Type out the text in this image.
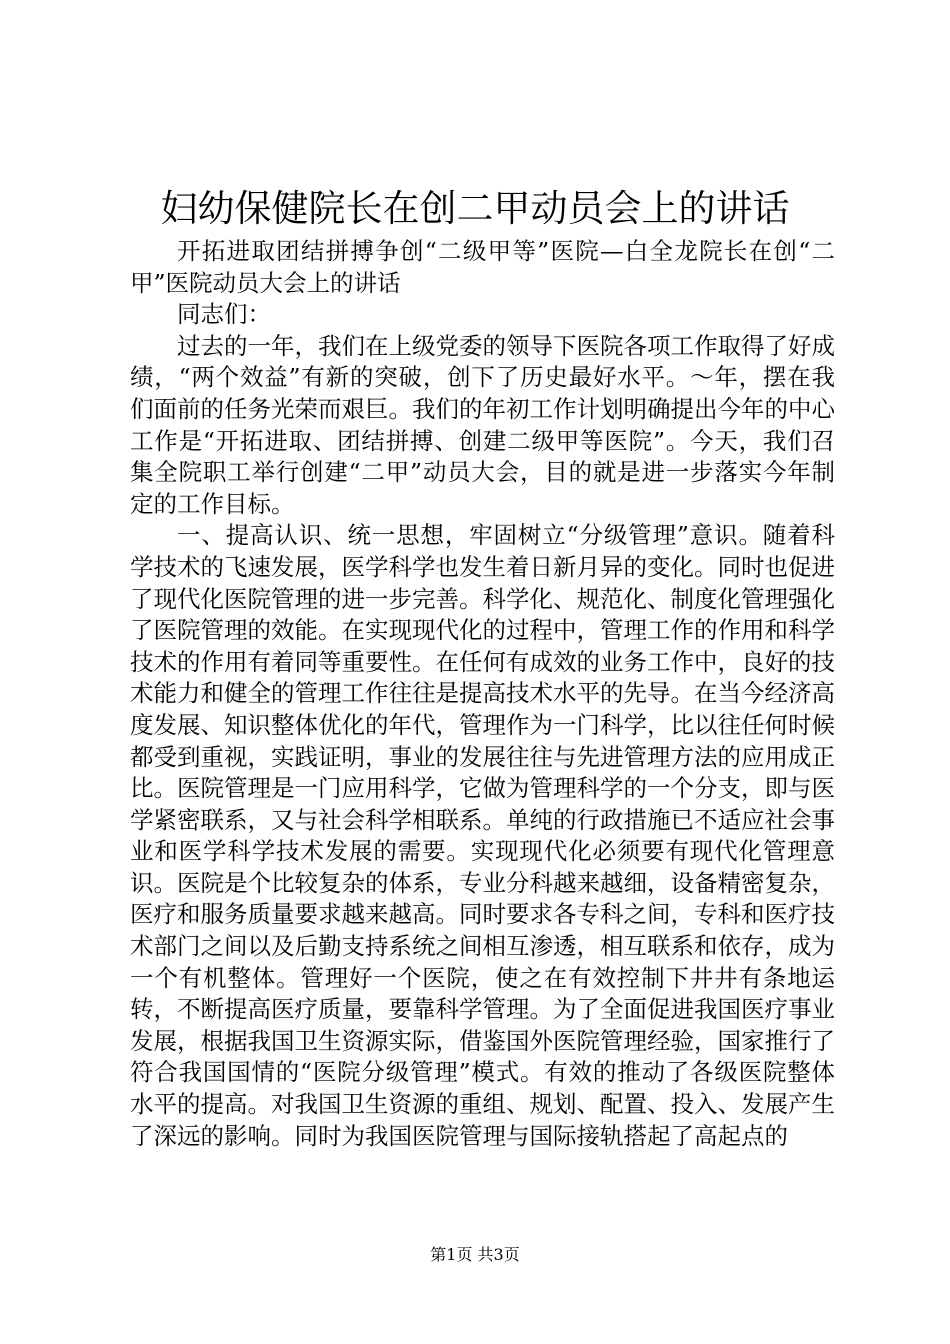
妇幼保健院长在创二甲动员会上的讲话

开拓进取团结拼搏争创“二级甲等”医院—白全龙院长在创“二甲”医院动员大会上的讲话

同志们：

过去的一年，我们在上级党委的领导下医院各项工作取得了好成绩，“两个效益”有新的突破，创下了历史最好水平。～年，摆在我们面前的任务光荣而艰巨。我们的年初工作计划明确提出今年的中心工作是“开拓进取、团结拼搏、创建二级甲等医院”。今天，我们召集全院职工举行创建“二甲”动员大会，目的就是进一步落实今年制定的工作目标。

一、提高认识、统一思想，牢固树立“分级管理”意识。随着科学技术的飞速发展，医学科学也发生着日新月异的变化。同时也促进了现代化医院管理的进一步完善。科学化、规范化、制度化管理强化了医院管理的效能。在实现现代化的过程中，管理工作的作用和科学技术的作用有着同等重要性。在任何有成效的业务工作中，良好的技术能力和健全的管理工作往往是提高技术水平的先导。在当今经济高度发展、知识整体优化的年代，管理作为一门科学，比以往任何时候都受到重视，实践证明，事业的发展往往与先进管理方法的应用成正比。医院管理是一门应用科学，它做为管理科学的一个分支，即与医学紧密联系，又与社会科学相联系。单纯的行政措施已不适应社会事业和医学科学技术发展的需要。实现现代化必须要有现代化管理意识。医院是个比较复杂的体系，专业分科越来越细，设备精密复杂，医疗和服务质量要求越来越高。同时要求各专科之间，专科和医疗技术部门之间以及后勤支持系统之间相互渗透，相互联系和依存，成为一个有机整体。管理好一个医院，使之在有效控制下井井有条地运转，不断提高医疗质量，要靠科学管理。为了全面促进我国医疗事业发展，根据我国卫生资源实际，借鉴国外医院管理经验，国家推行了符合我国国情的“医院分级管理”模式。有效的推动了各级医院整体水平的提高。对我国卫生资源的重组、规划、配置、投入、发展产生了深远的影响。同时为我国医院管理与国际接轨搭起了高起点的

第1页 共3页
